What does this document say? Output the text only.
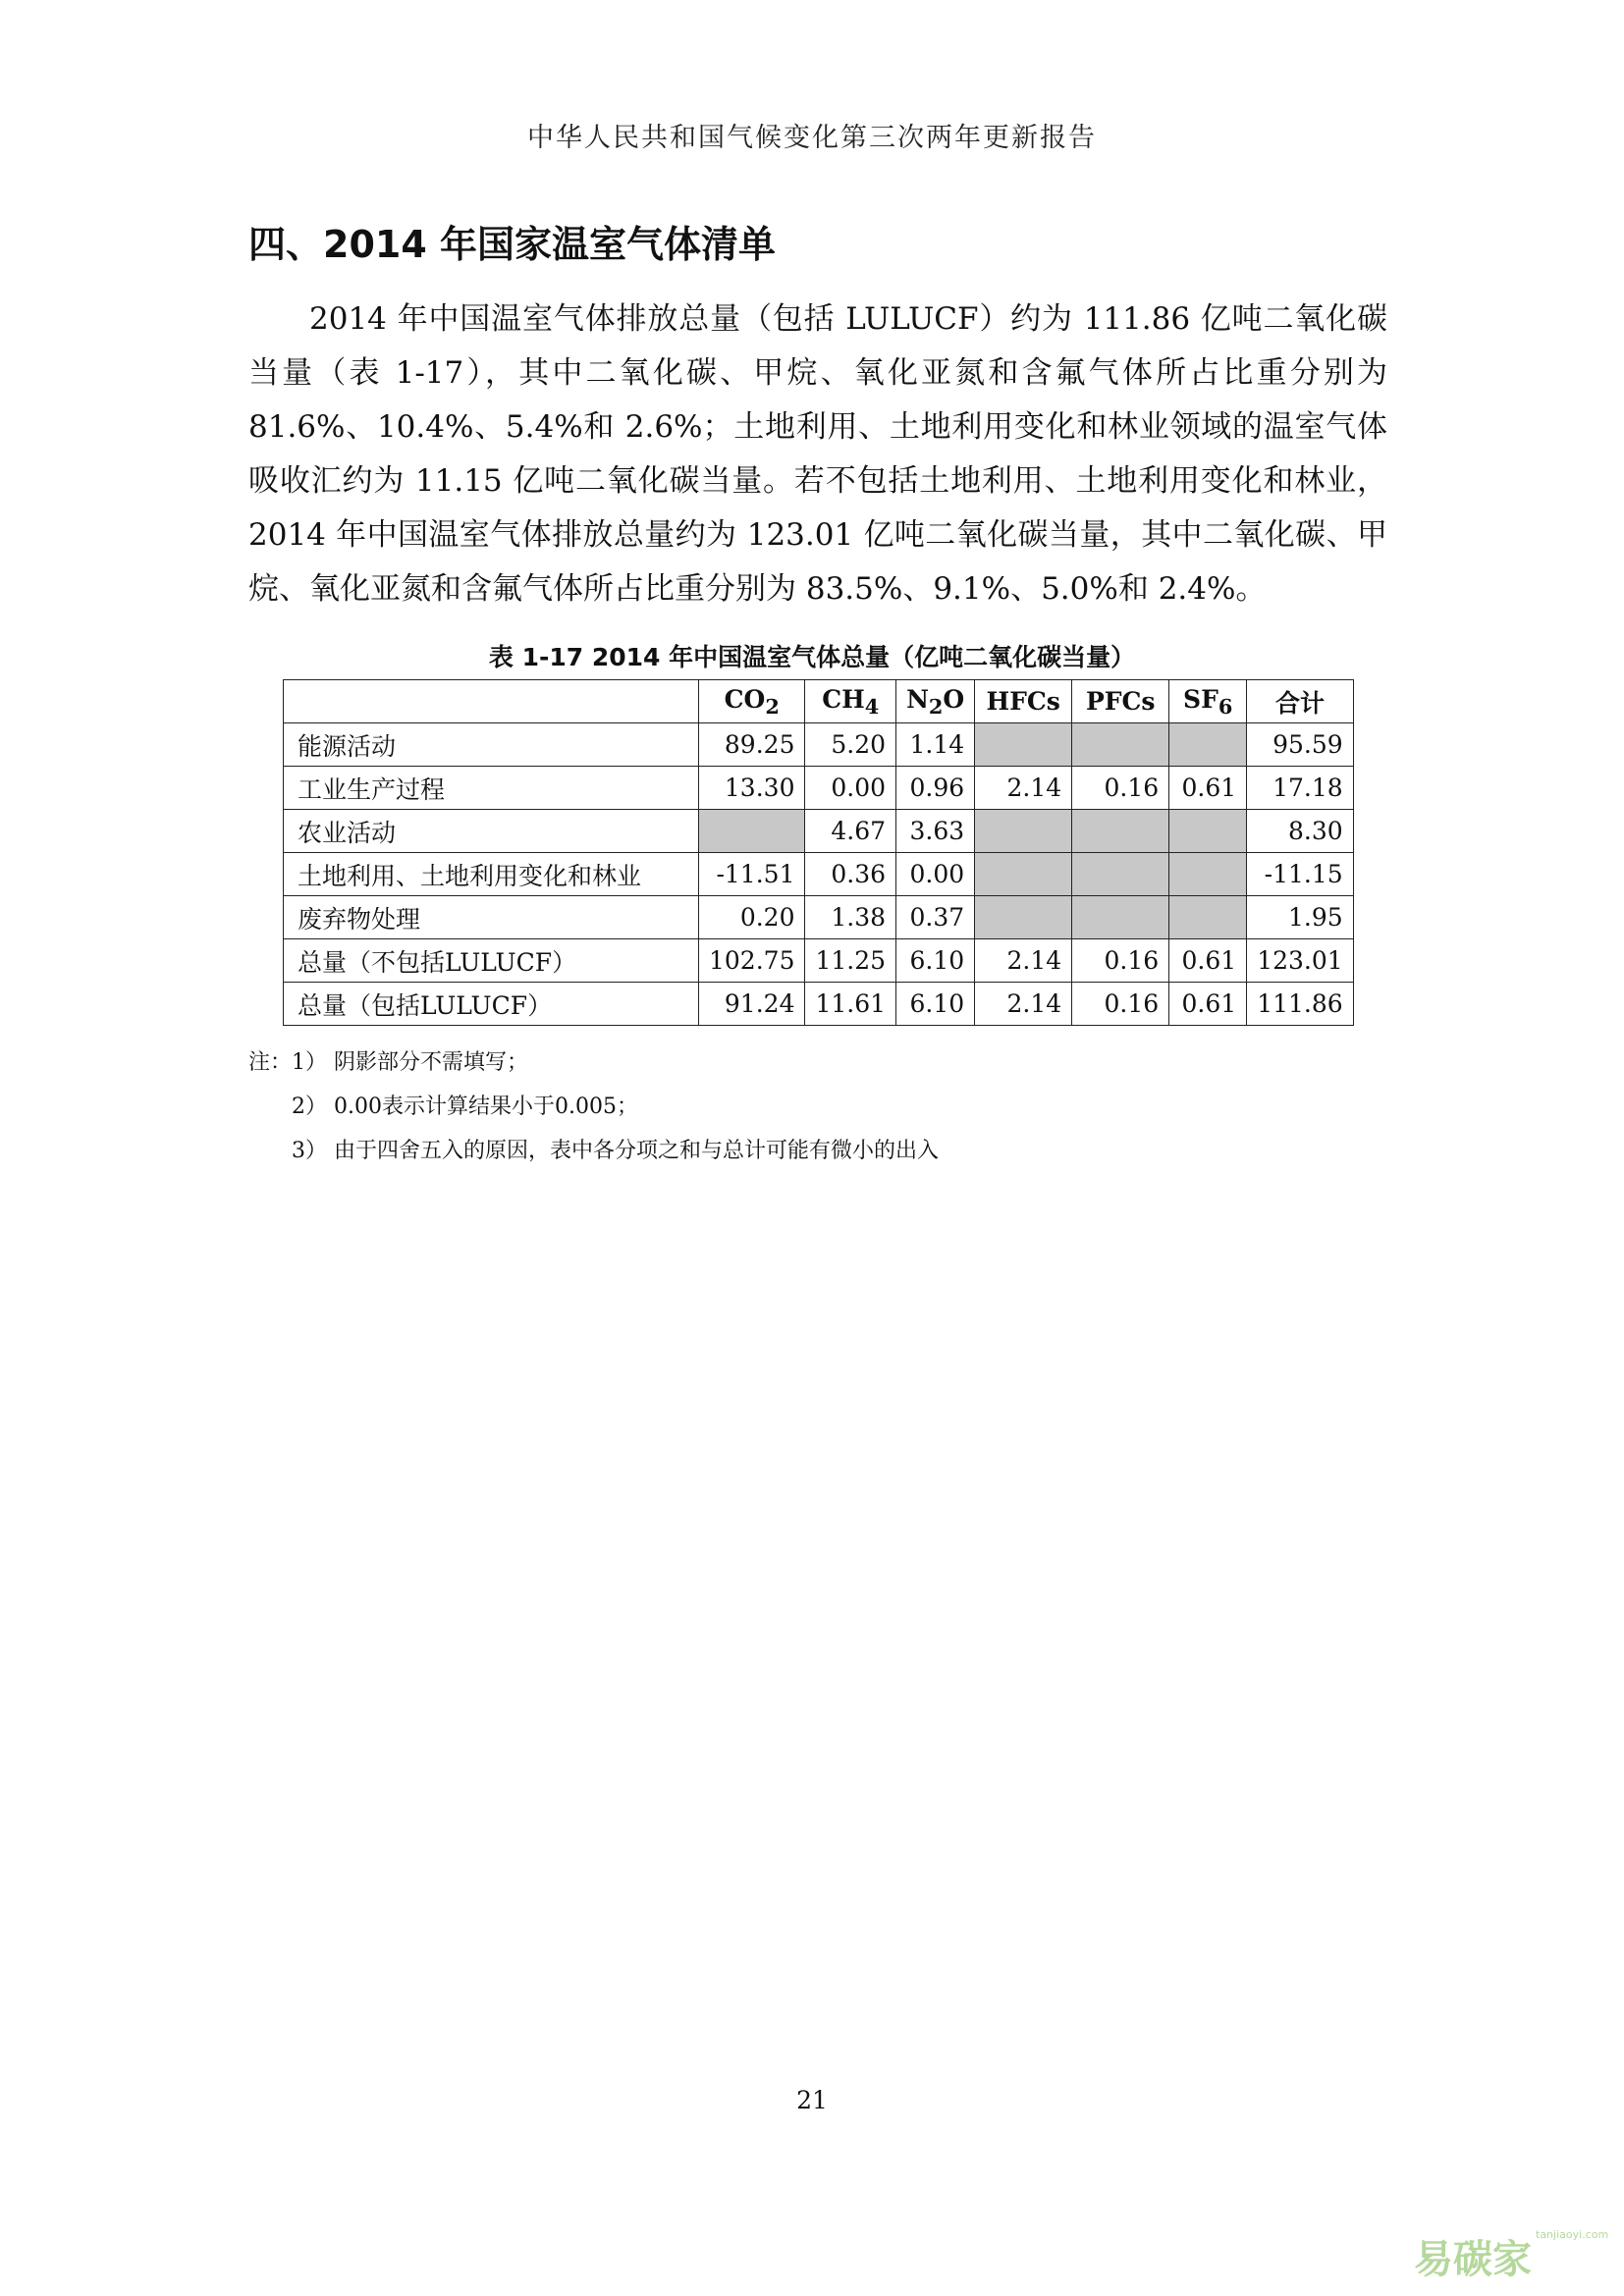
中华人民共和国气候变化第三次两年更新报告
四、2014 年国家温室气体清单

2014 年中国温室气体排放总量（包括 LULUCF）约为 111.86 亿吨二氧化碳当量（表 1-17），其中二氧化碳、甲烷、氧化亚氮和含氟气体所占比重分别为 81.6%、10.4%、5.4%和 2.6%；土地利用、土地利用变化和林业领域的温室气体吸收汇约为 11.15 亿吨二氧化碳当量。若不包括土地利用、土地利用变化和林业，2014 年中国温室气体排放总量约为 123.01 亿吨二氧化碳当量，其中二氧化碳、甲烷、氧化亚氮和含氟气体所占比重分别为 83.5%、9.1%、5.0%和 2.4%。

表 1-17 2014 年中国温室气体总量（亿吨二氧化碳当量）
	$CO_2$	$CH_4$	$N_2O$	HFCs	PFCs	$SF_6$	合计
能源活动	89.25	5.20	1.14				95.59
工业生产过程	13.30	0.00	0.96	2.14	0.16	0.61	17.18
农业活动		4.67	3.63				8.30
土地利用、土地利用变化和林业	-11.51	0.36	0.00				-11.15
废弃物处理	0.20	1.38	0.37				1.95
总量（不包括LULUCF）	102.75	11.25	6.10	2.14	0.16	0.61	123.01
总量（包括LULUCF）	91.24	11.61	6.10	2.14	0.16	0.61	111.86
注：1） 阴影部分不需填写；
2） 0.00表示计算结果小于0.005；
3） 由于四舍五入的原因，表中各分项之和与总计可能有微小的出入
21
易碳家$^{tanjiaoyi.com}$
